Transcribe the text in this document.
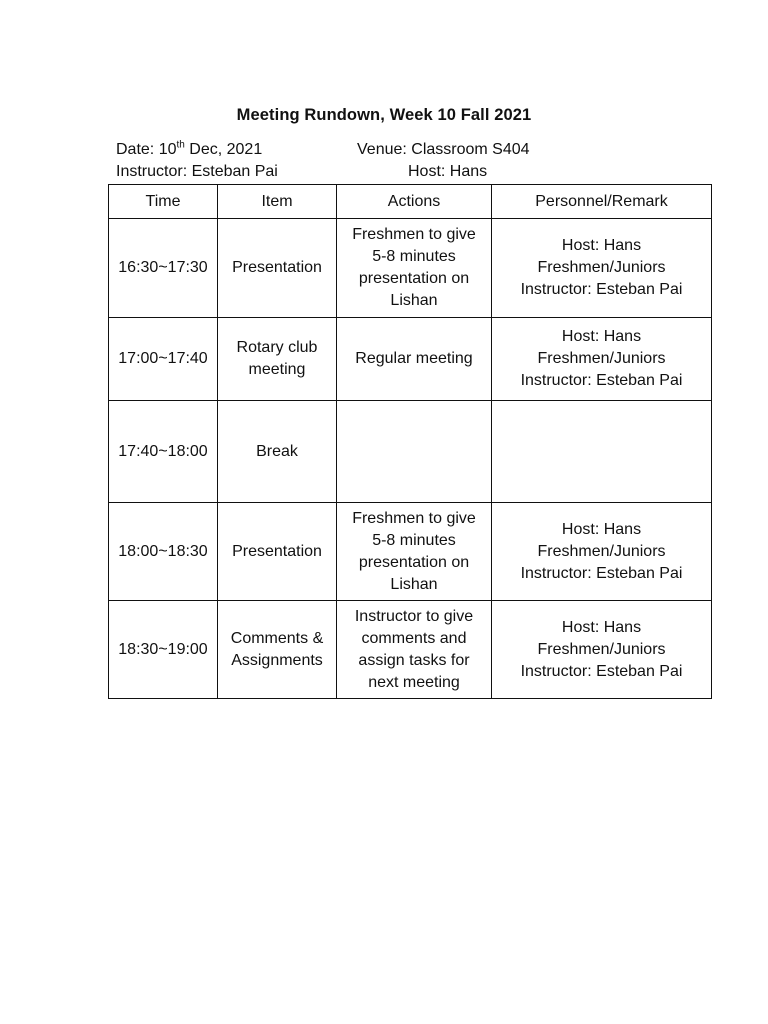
Meeting Rundown, Week 10 Fall 2021
Date: 10th Dec, 2021	Venue: Classroom S404
Instructor: Esteban Pai	Host: Hans
Time	Item	Actions	Personnel/Remark
16:30~17:30	Presentation	Freshmen to give
5-8 minutes
presentation on
Lishan	Host: Hans
Freshmen/Juniors
Instructor: Esteban Pai
17:00~17:40	Rotary club
meeting	Regular meeting	Host: Hans
Freshmen/Juniors
Instructor: Esteban Pai
17:40~18:00	Break		
18:00~18:30	Presentation	Freshmen to give
5-8 minutes
presentation on
Lishan	Host: Hans
Freshmen/Juniors
Instructor: Esteban Pai
18:30~19:00	Comments &
Assignments	Instructor to give
comments and
assign tasks for
next meeting	Host: Hans
Freshmen/Juniors
Instructor: Esteban Pai
